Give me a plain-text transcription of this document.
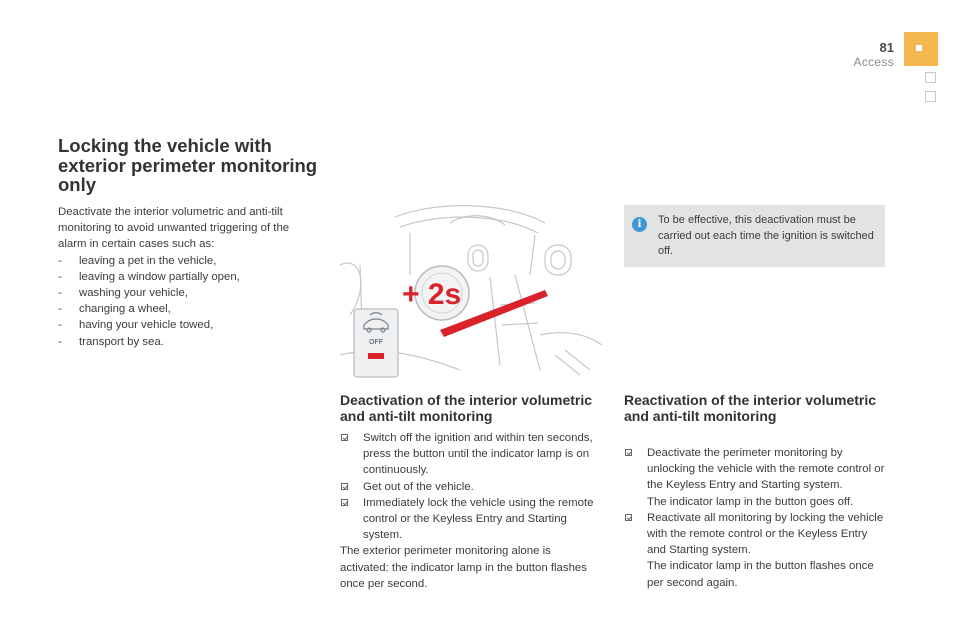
81
Access
Locking the vehicle with exterior perimeter monitoring only
Deactivate the interior volumetric and anti-tilt monitoring to avoid unwanted triggering of the alarm in certain cases such as:
- leaving a pet in the vehicle,
- leaving a window partially open,
- washing your vehicle,
- changing a wheel,
- having your vehicle towed,
- transport by sea.
+ 2s
OFF
i	To be effective, this deactivation must be carried out each time the ignition is switched off.
Deactivation of the interior volumetric and anti-tilt monitoring
Switch off the ignition and within ten seconds, press the button until the indicator lamp is on continuously.
Get out of the vehicle.
Immediately lock the vehicle using the remote control or the Keyless Entry and Starting system.
The exterior perimeter monitoring alone is activated: the indicator lamp in the button flashes once per second.
Reactivation of the interior volumetric and anti-tilt monitoring
Deactivate the perimeter monitoring by unlocking the vehicle with the remote control or the Keyless Entry and Starting system.
The indicator lamp in the button goes off.
Reactivate all monitoring by locking the vehicle with the remote control or the Keyless Entry and Starting system.
The indicator lamp in the button flashes once per second again.
